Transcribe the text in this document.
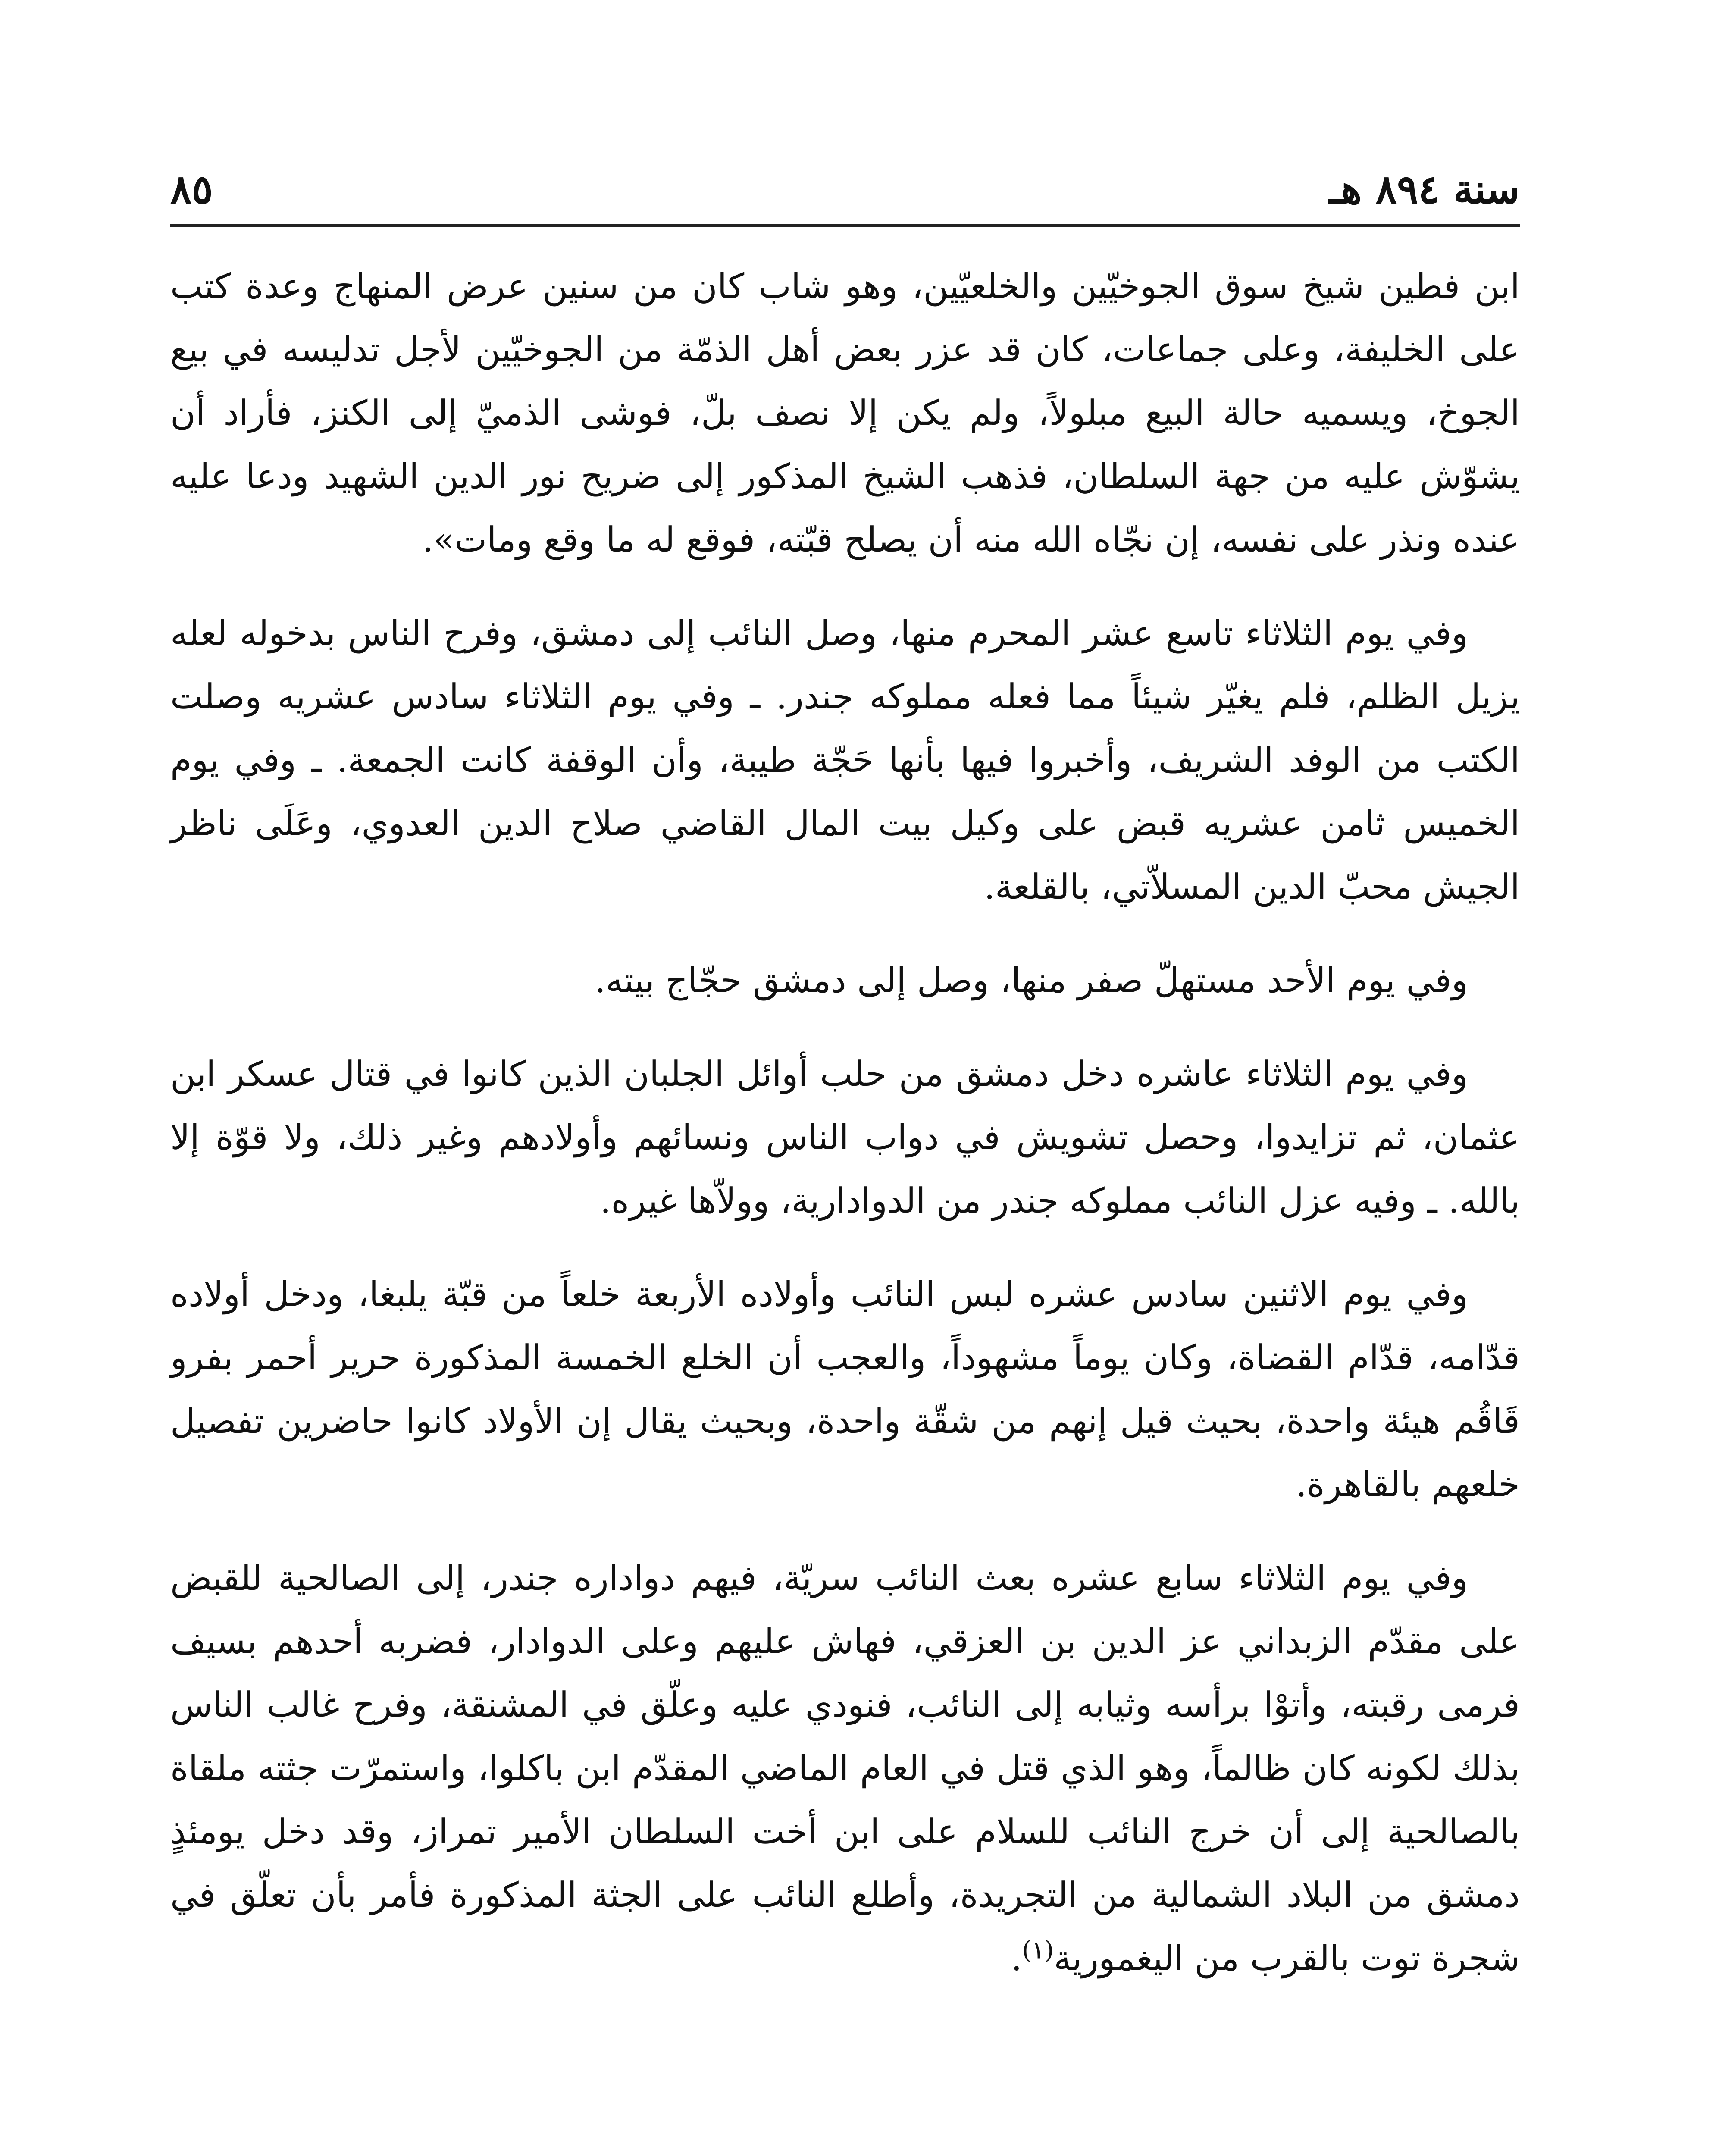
سنة ٨٩٤ هـ
٨٥

ابن فطين شيخ سوق الجوخيّين والخلعيّين، وهو شاب كان من سنين عرض المنهاج وعدة كتب على الخليفة، وعلى جماعات، كان قد عزر بعض أهل الذمّة من الجوخيّين لأجل تدليسه في بيع الجوخ، ويسميه حالة البيع مبلولاً، ولم يكن إلا نصف بلّ، فوشى الذميّ إلى الكنز، فأراد أن يشوّش عليه من جهة السلطان، فذهب الشيخ المذكور إلى ضريح نور الدين الشهيد ودعا عليه عنده ونذر على نفسه، إن نجّاه الله منه أن يصلح قبّته، فوقع له ما وقع ومات».

وفي يوم الثلاثاء تاسع عشر المحرم منها، وصل النائب إلى دمشق، وفرح الناس بدخوله لعله يزيل الظلم، فلم يغيّر شيئاً مما فعله مملوكه جندر. ـ وفي يوم الثلاثاء سادس عشريه وصلت الكتب من الوفد الشريف، وأخبروا فيها بأنها حَجّة طيبة، وأن الوقفة كانت الجمعة. ـ وفي يوم الخميس ثامن عشريه قبض على وكيل بيت المال القاضي صلاح الدين العدوي، وعَلَى ناظر الجيش محبّ الدين المسلاّتي، بالقلعة.

وفي يوم الأحد مستهلّ صفر منها، وصل إلى دمشق حجّاج بيته.

وفي يوم الثلاثاء عاشره دخل دمشق من حلب أوائل الجلبان الذين كانوا في قتال عسكر ابن عثمان، ثم تزايدوا، وحصل تشويش في دواب الناس ونسائهم وأولادهم وغير ذلك، ولا قوّة إلا بالله. ـ وفيه عزل النائب مملوكه جندر من الدوادارية، وولاّها غيره.

وفي يوم الاثنين سادس عشره لبس النائب وأولاده الأربعة خلعاً من قبّة يلبغا، ودخل أولاده قدّامه، قدّام القضاة، وكان يوماً مشهوداً، والعجب أن الخلع الخمسة المذكورة حرير أحمر بفرو قَاقُم هيئة واحدة، بحيث قيل إنهم من شقّة واحدة، وبحيث يقال إن الأولاد كانوا حاضرين تفصيل خلعهم بالقاهرة.

وفي يوم الثلاثاء سابع عشره بعث النائب سريّة، فيهم دواداره جندر، إلى الصالحية للقبض على مقدّم الزبداني عز الدين بن العزقي، فهاش عليهم وعلى الدوادار، فضربه أحدهم بسيف فرمى رقبته، وأتوْا برأسه وثيابه إلى النائب، فنودي عليه وعلّق في المشنقة، وفرح غالب الناس بذلك لكونه كان ظالماً، وهو الذي قتل في العام الماضي المقدّم ابن باكلوا، واستمرّت جثته ملقاة بالصالحية إلى أن خرج النائب للسلام على ابن أخت السلطان الأمير تمراز، وقد دخل يومئذٍ دمشق من البلاد الشمالية من التجريدة، وأطلع النائب على الجثة المذكورة فأمر بأن تعلّق في شجرة توت بالقرب من اليغمورية$^{(١)}$.
